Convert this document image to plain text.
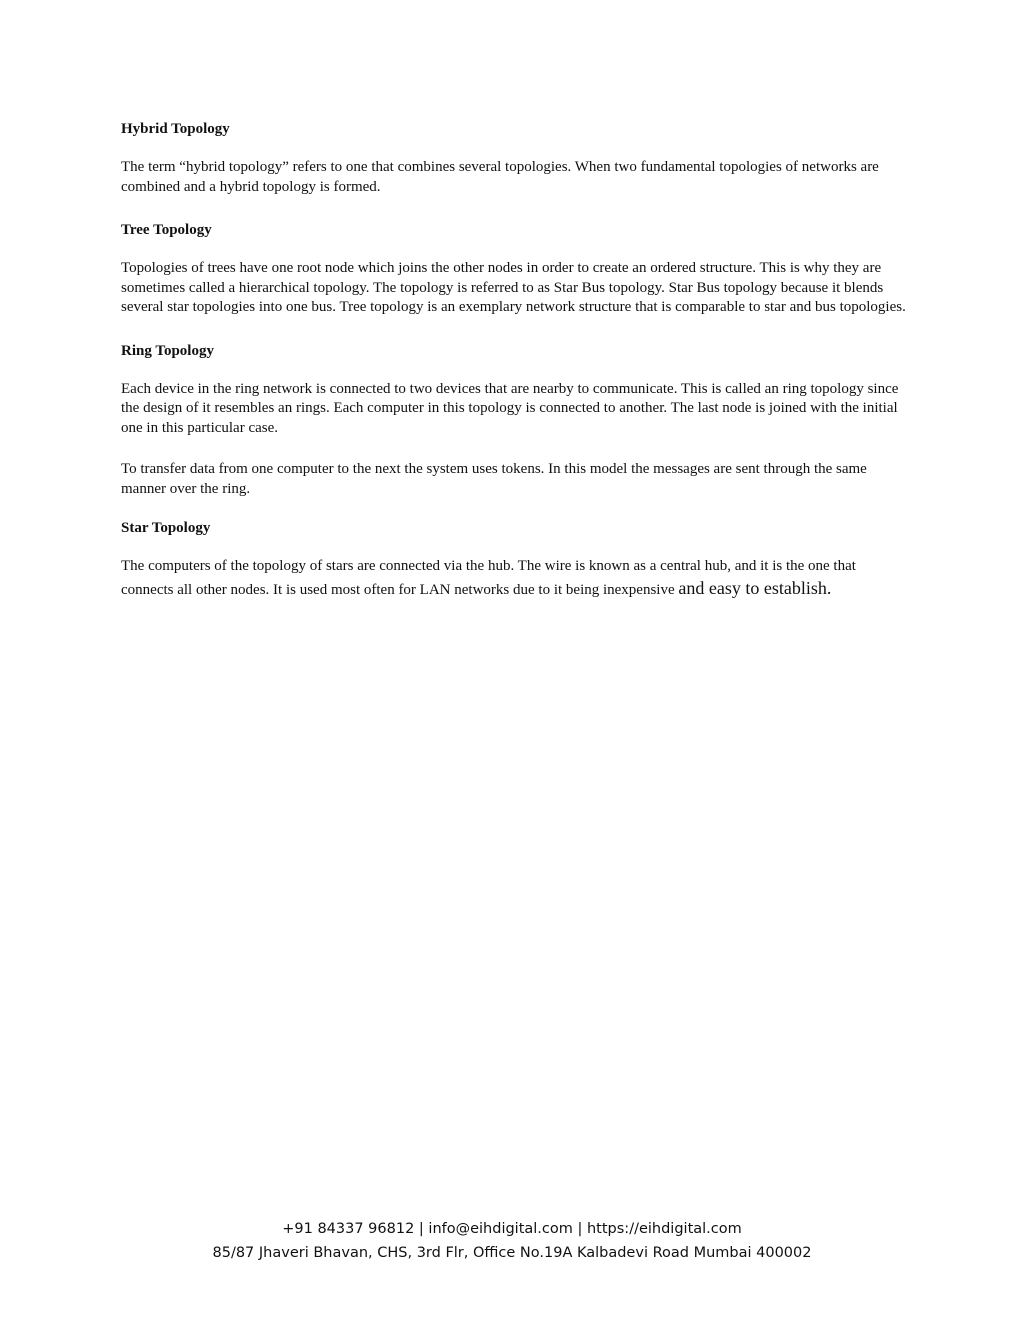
Hybrid Topology
The term “hybrid topology” refers to one that combines several topologies. When two fundamental topologies of networks are combined and a hybrid topology is formed.
Tree Topology
Topologies of trees have one root node which joins the other nodes in order to create an ordered structure. This is why they are sometimes called a hierarchical topology. The topology is referred to as Star Bus topology. Star Bus topology because it blends several star topologies into one bus. Tree topology is an exemplary network structure that is comparable to star and bus topologies.
Ring Topology
Each device in the ring network is connected to two devices that are nearby to communicate. This is called an ring topology since the design of it resembles an rings. Each computer in this topology is connected to another. The last node is joined with the initial one in this particular case.
To transfer data from one computer to the next the system uses tokens. In this model the messages are sent through the same manner over the ring.
Star Topology
The computers of the topology of stars are connected via the hub. The wire is known as a central hub, and it is the one that connects all other nodes. It is used most often for LAN networks due to it being inexpensive and easy to establish.
+91 84337 96812 | info@eihdigital.com | https://eihdigital.com
85/87 Jhaveri Bhavan, CHS, 3rd Flr, Office No.19A Kalbadevi Road Mumbai 400002
